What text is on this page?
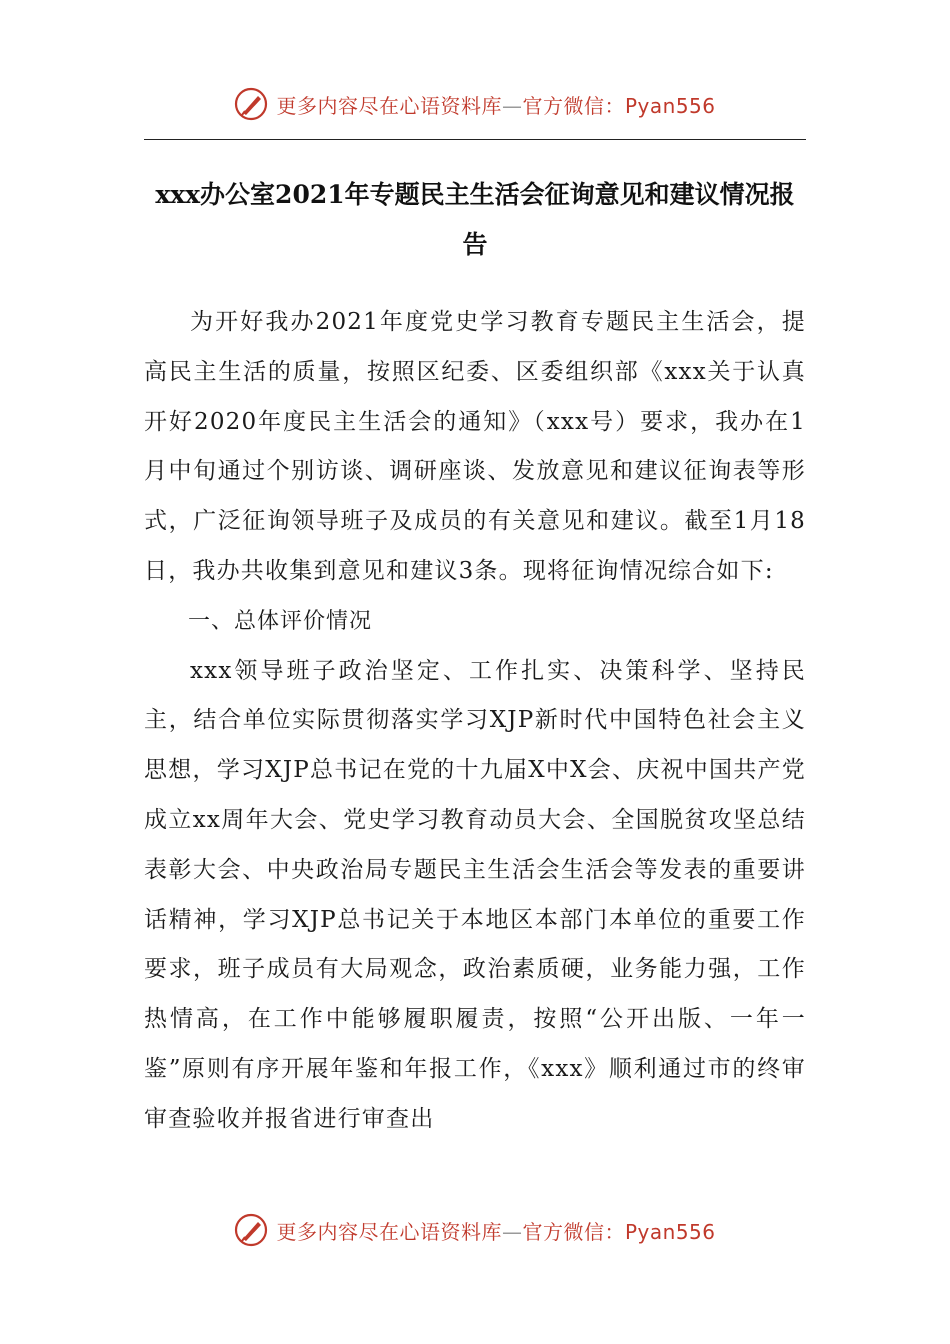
更多内容尽在心语资料库—官方微信：Pyan556
xxx办公室2021年专题民主生活会征询意见和建议情况报告

为开好我办2021年度党史学习教育专题民主生活会，提高民主生活的质量，按照区纪委、区委组织部《xxx关于认真开好2020年度民主生活会的通知》（xxx号）要求，我办在1月中旬通过个别访谈、调研座谈、发放意见和建议征询表等形式，广泛征询领导班子及成员的有关意见和建议。截至1月18日，我办共收集到意见和建议3条。现将征询情况综合如下:

一、总体评价情况

xxx领导班子政治坚定、工作扎实、决策科学、坚持民主，结合单位实际贯彻落实学习XJP新时代中国特色社会主义思想，学习XJP总书记在党的十九届X中X会、庆祝中国共产党成立xx周年大会、党史学习教育动员大会、全国脱贫攻坚总结表彰大会、中央政治局专题民主生活会生活会等发表的重要讲话精神，学习XJP总书记关于本地区本部门本单位的重要工作要求，班子成员有大局观念，政治素质硬，业务能力强，工作热情高，在工作中能够履职履责，按照“公开出版、一年一鉴”原则有序开展年鉴和年报工作，《xxx》顺利通过市的终审审查验收并报省进行审查出

更多内容尽在心语资料库—官方微信：Pyan556
